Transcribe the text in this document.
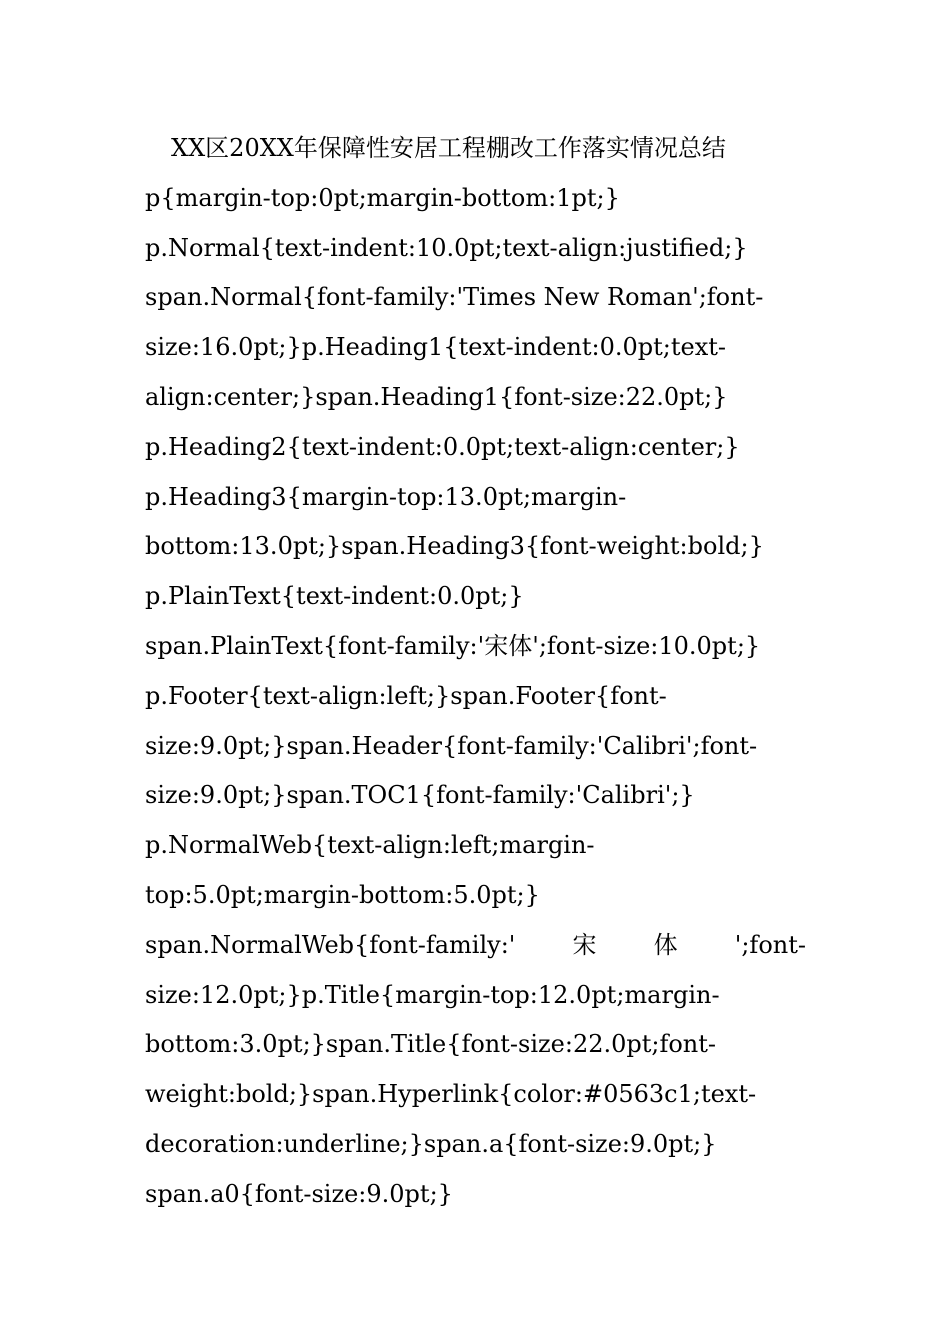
XX区20XX年保障性安居工程棚改工作落实情况总结
p{margin-top:0pt;margin-bottom:1pt;}
p.Normal{text-indent:10.0pt;text-align:justified;}
span.Normal{font-family:'Times New Roman';font-
size:16.0pt;}p.Heading1{text-indent:0.0pt;text-
align:center;}span.Heading1{font-size:22.0pt;}
p.Heading2{text-indent:0.0pt;text-align:center;}
p.Heading3{margin-top:13.0pt;margin-
bottom:13.0pt;}span.Heading3{font-weight:bold;}
p.PlainText{text-indent:0.0pt;}
span.PlainText{font-family:'宋体';font-size:10.0pt;}
p.Footer{text-align:left;}span.Footer{font-
size:9.0pt;}span.Header{font-family:'Calibri';font-
size:9.0pt;}span.TOC1{font-family:'Calibri';}
p.NormalWeb{text-align:left;margin-
top:5.0pt;margin-bottom:5.0pt;}
span.NormalWeb{font-family:' 宋 体 ';font-
size:12.0pt;}p.Title{margin-top:12.0pt;margin-
bottom:3.0pt;}span.Title{font-size:22.0pt;font-
weight:bold;}span.Hyperlink{color:#0563c1;text-
decoration:underline;}span.a{font-size:9.0pt;}
span.a0{font-size:9.0pt;}
